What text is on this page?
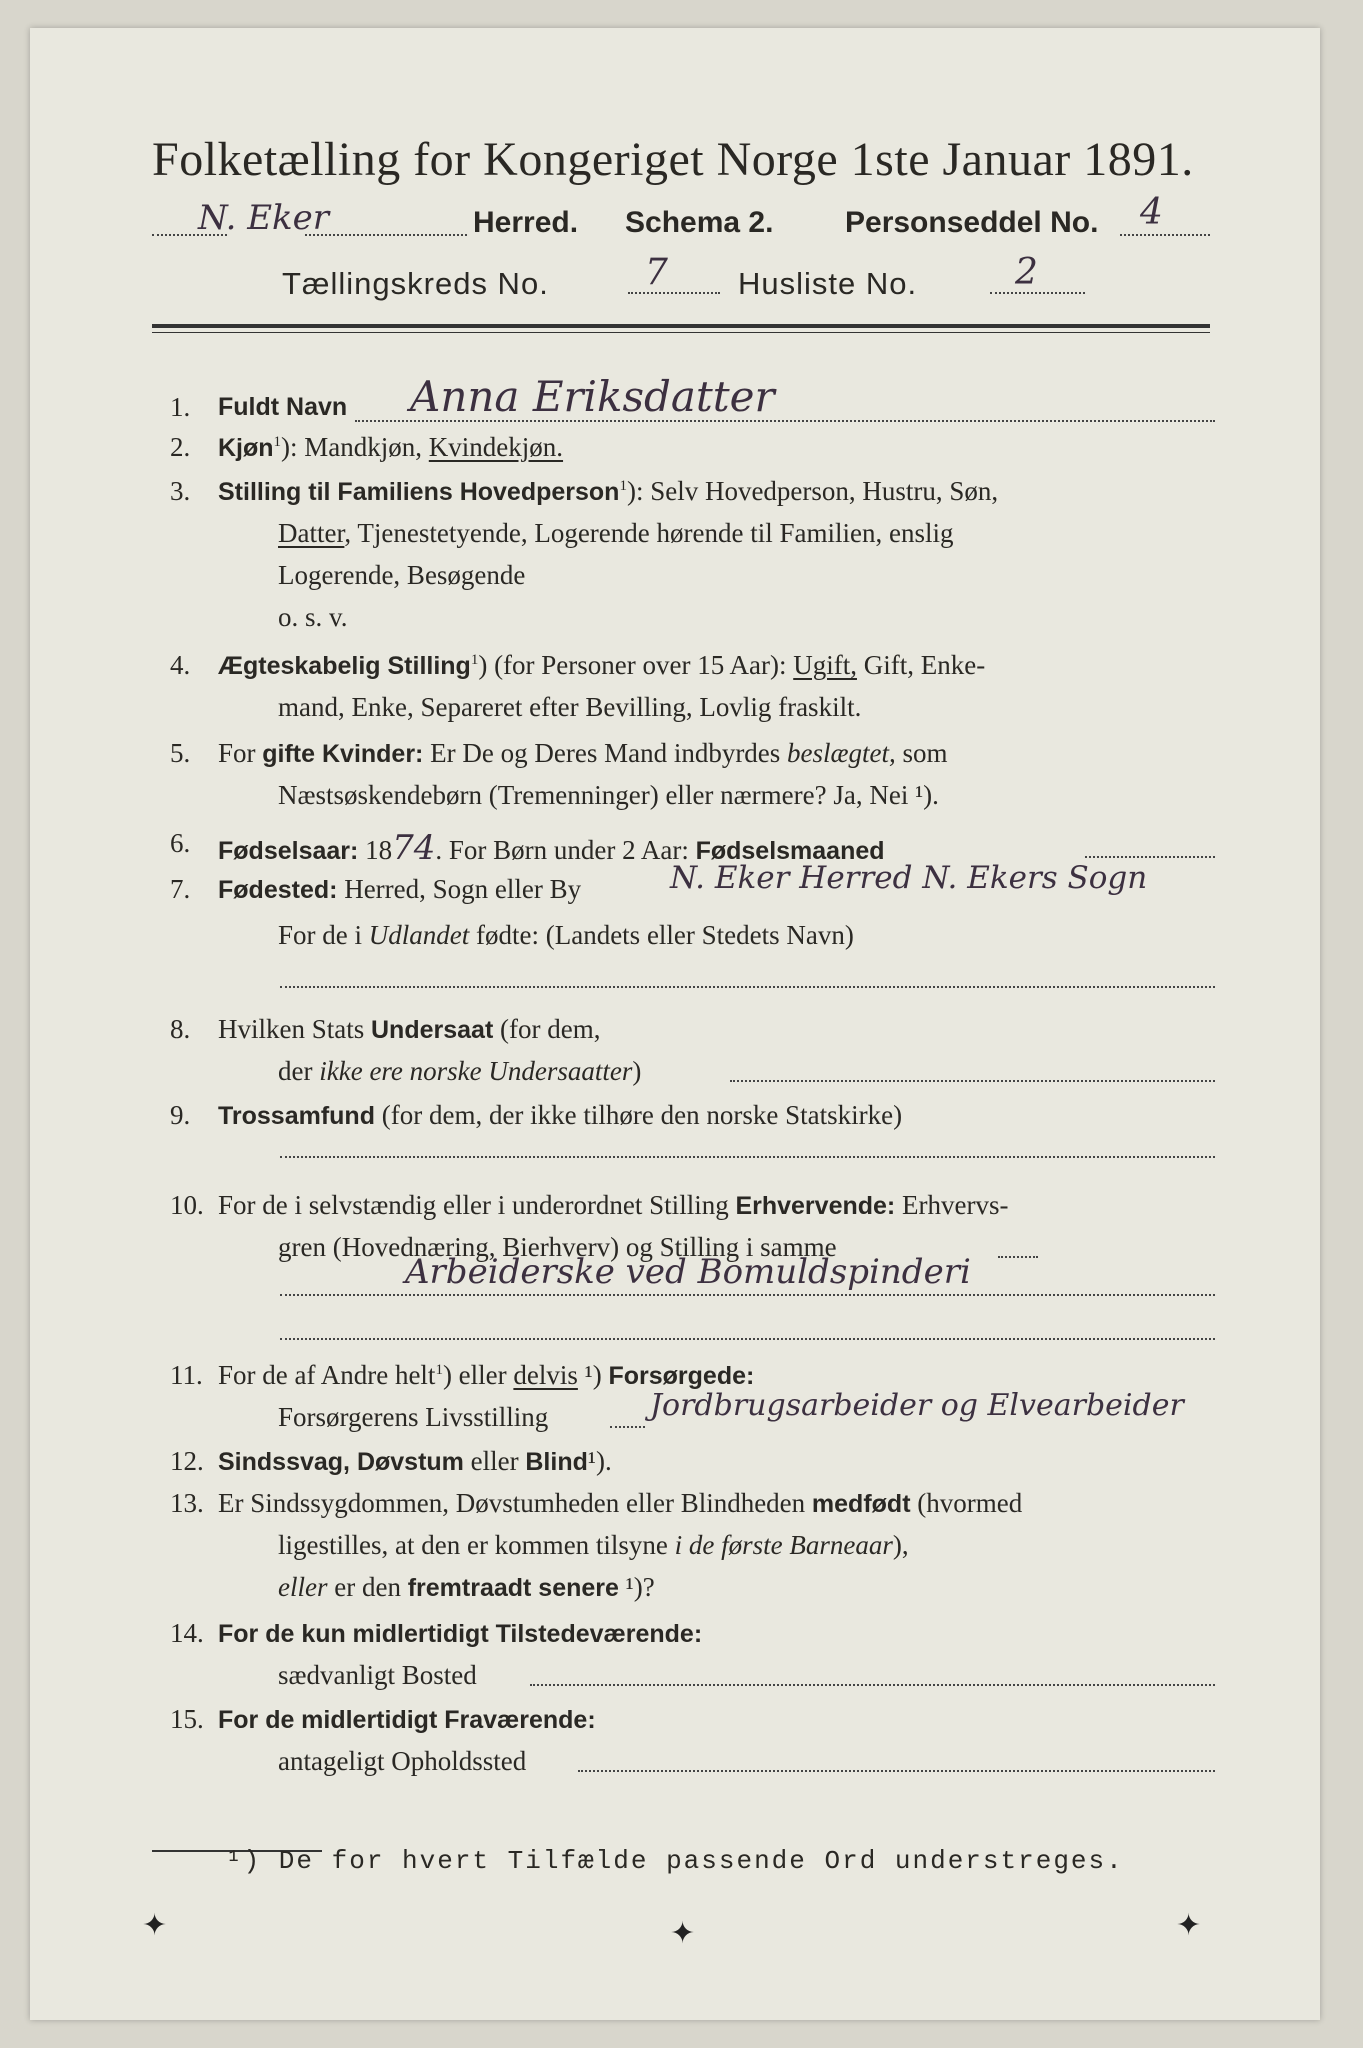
Folketælling for Kongeriget Norge 1ste Januar 1891.
N. Eker	Herred. Schema 2. Personseddel No. 4
Tællingskreds No.	7 Husliste No.	2
1. Fuldt Navn Anna Eriksdatter
2. Kjøn$^1$): Mandkjøn, Kvindekjøn.
3. Stilling til Familiens Hovedperson$^1$): Selv Hovedperson, Hustru, Søn,
Datter, Tjenestetyende, Logerende hørende til Familien, enslig
Logerende, Besøgende
o. s. v.
4. Ægteskabelig Stilling$^1$) (for Personer over 15 Aar): Ugift, Gift, Enke-
mand, Enke, Separeret efter Bevilling, Lovlig fraskilt.
5. For gifte Kvinder: Er De og Deres Mand indbyrdes beslægtet, som
Næstsøskendebørn (Tremenninger) eller nærmere? Ja, Nei ¹).
6. Fødselsaar: 1874. For Børn under 2 Aar: Fødselsmaaned
7. Fødested: Herred, Sogn eller By	N. Eker Herred N. Ekers Sogn
For de i Udlandet fødte: (Landets eller Stedets Navn)
8. Hvilken Stats Undersaat (for dem,
der ikke ere norske Undersaatter)
9. Trossamfund (for dem, der ikke tilhøre den norske Statskirke)
10. For de i selvstændig eller i underordnet Stilling Erhvervende: Erhvervs-
gren (Hovednæring, Bierhverv) og Stilling i samme
Arbeiderske ved Bomuldspinderi
11. For de af Andre helt$^1$) eller delvis ¹) Forsørgede:
Forsørgerens Livsstilling	Jordbrugsarbeider og Elvearbeider
12. Sindssvag, Døvstum eller Blind¹).
13. Er Sindssygdommen, Døvstumheden eller Blindheden medfødt (hvormed
ligestilles, at den er kommen tilsyne i de første Barneaar),
eller er den fremtraadt senere ¹)?
14. For de kun midlertidigt Tilstedeværende:
sædvanligt Bosted
15. For de midlertidigt Fraværende:
antageligt Opholdssted
¹) De for hvert Tilfælde passende Ord understreges.
✦	✦	✦
